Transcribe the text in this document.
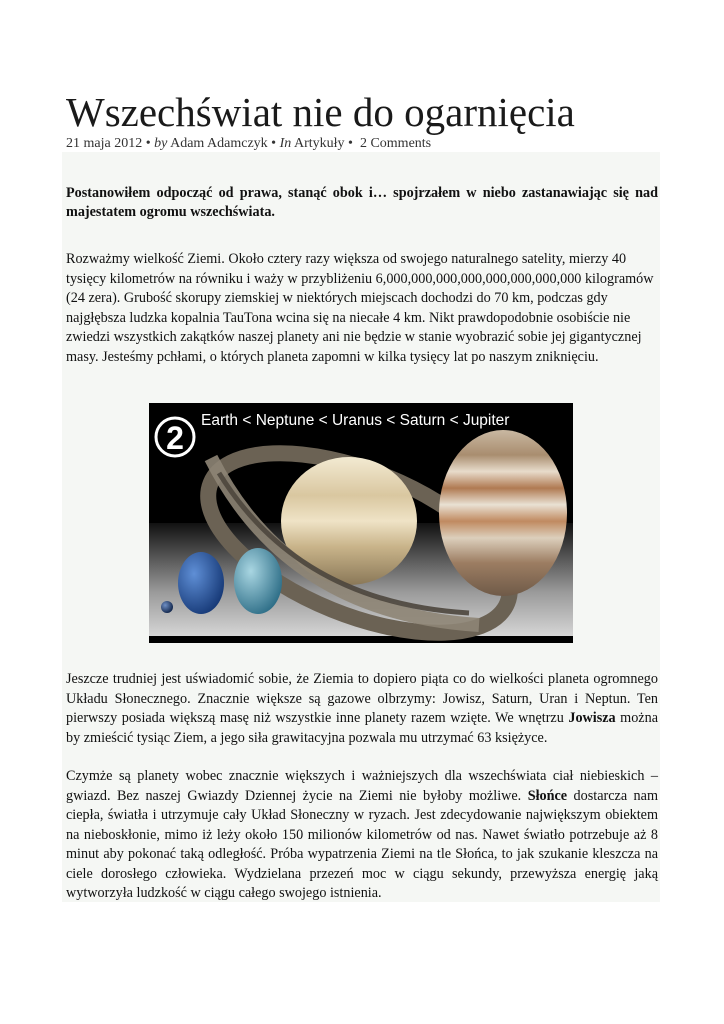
Wszechświat nie do ogarnięcia
21 maja 2012 • by Adam Adamczyk • In Artykuły • 2 Comments

Postanowiłem odpocząć od prawa, stanąć obok i… spojrzałem w niebo zastanawiając się nad majestatem ogromu wszechświata.

Rozważmy wielkość Ziemi. Około cztery razy większa od swojego naturalnego satelity, mierzy 40 tysięcy kilometrów na równiku i waży w przybliżeniu 6,000,000,000,000,000,000,000,000 kilogramów (24 zera). Grubość skorupy ziemskiej w niektórych miejscach dochodzi do 70 km, podczas gdy najgłębsza ludzka kopalnia TauTona wcina się na niecałe 4 km. Nikt prawdopodobnie osobiście nie zwiedzi wszystkich zakątków naszej planety ani nie będzie w stanie wyobrazić sobie jej gigantycznej masy. Jesteśmy pchłami, o których planeta zapomni w kilka tysięcy lat po naszym zniknięciu.

2 Earth < Neptune < Uranus < Saturn < Jupiter

Jeszcze trudniej jest uświadomić sobie, że Ziemia to dopiero piąta co do wielkości planeta ogromnego Układu Słonecznego. Znacznie większe są gazowe olbrzymy: Jowisz, Saturn, Uran i Neptun. Ten pierwszy posiada większą masę niż wszystkie inne planety razem wzięte. We wnętrzu Jowisza można by zmieścić tysiąc Ziem, a jego siła grawitacyjna pozwala mu utrzymać 63 księżyce.

Czymże są planety wobec znacznie większych i ważniejszych dla wszechświata ciał niebieskich – gwiazd. Bez naszej Gwiazdy Dziennej życie na Ziemi nie byłoby możliwe. Słońce dostarcza nam ciepła, światła i utrzymuje cały Układ Słoneczny w ryzach. Jest zdecydowanie największym obiektem na nieboskłonie, mimo iż leży około 150 milionów kilometrów od nas. Nawet światło potrzebuje aż 8 minut aby pokonać taką odległość. Próba wypatrzenia Ziemi na tle Słońca, to jak szukanie kleszcza na ciele dorosłego człowieka. Wydzielana przezeń moc w ciągu sekundy, przewyższa energię jaką wytworzyła ludzkość w ciągu całego swojego istnienia.
